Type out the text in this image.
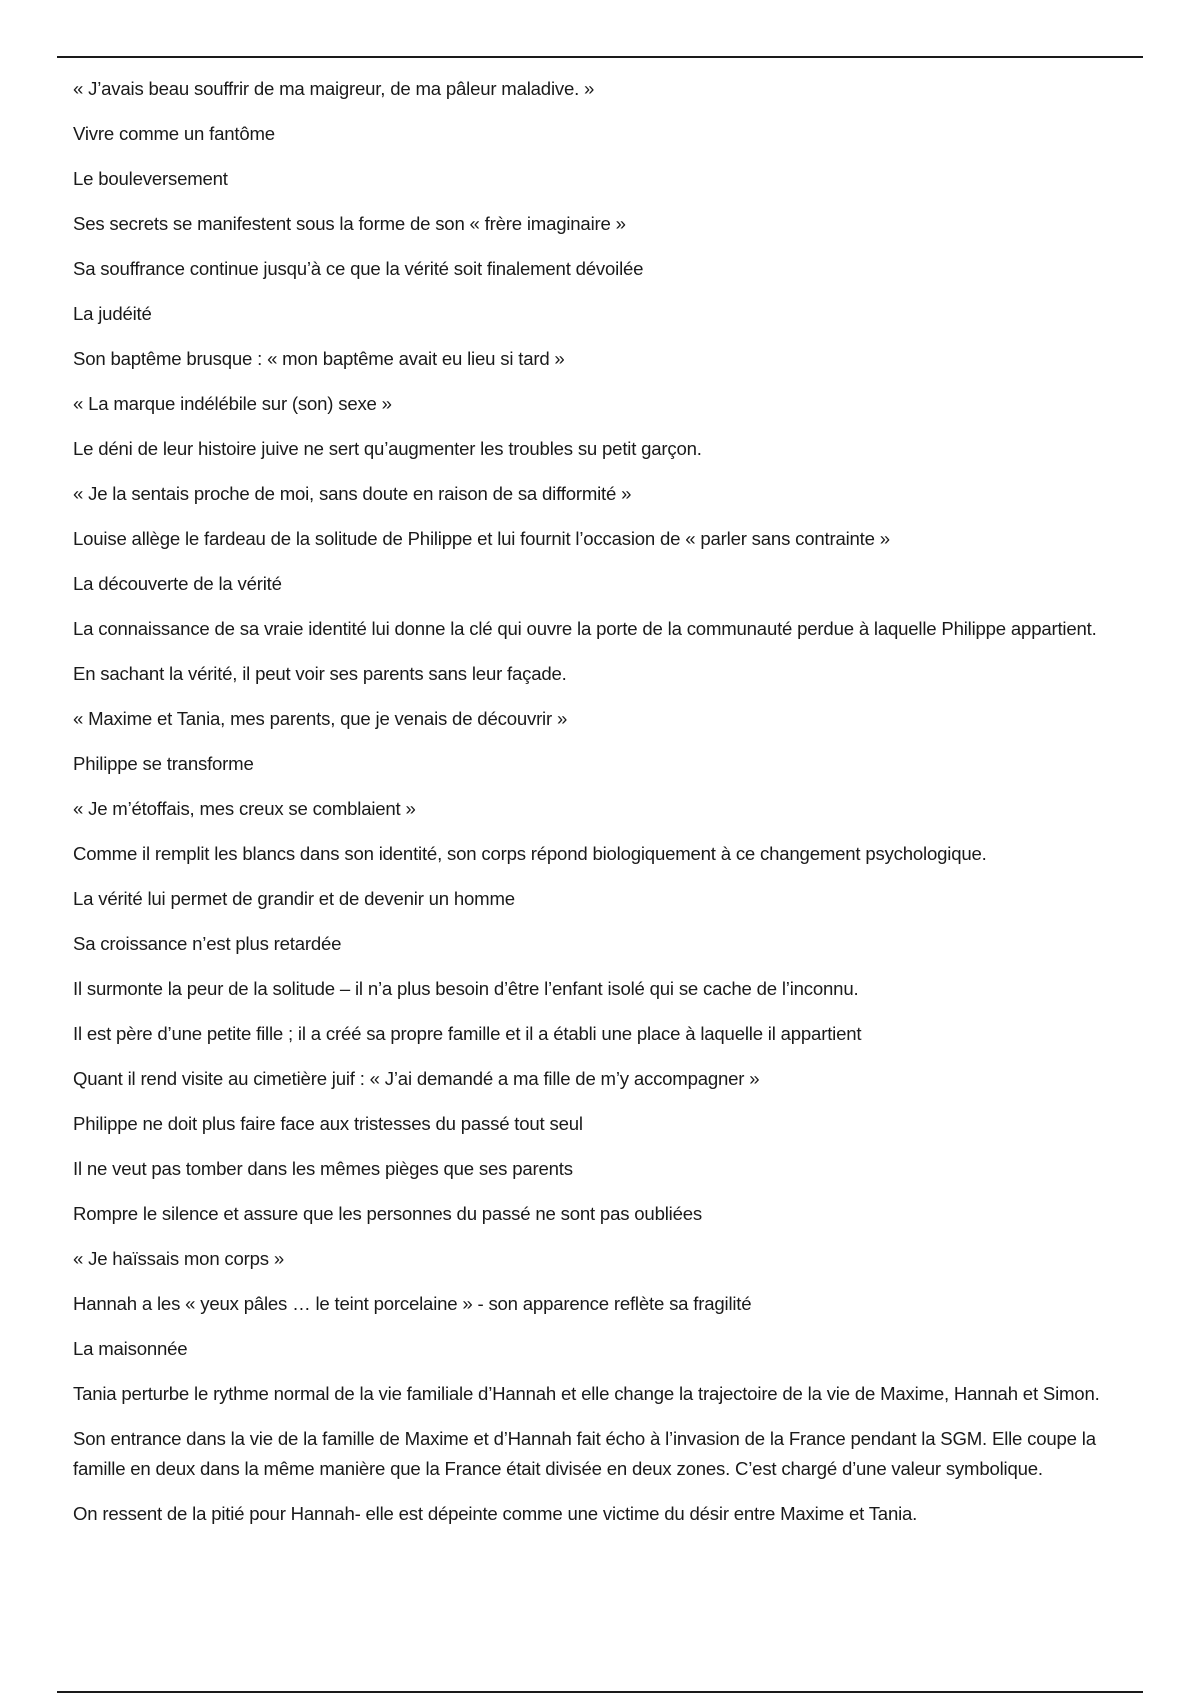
« J’avais beau souffrir de ma maigreur, de ma pâleur maladive. »

Vivre comme un fantôme

Le bouleversement

Ses secrets se manifestent sous la forme de son « frère imaginaire »

Sa souffrance continue jusqu’à ce que la vérité soit finalement dévoilée

La judéité

Son baptême brusque : « mon baptême avait eu lieu si tard »

« La marque indélébile sur (son) sexe »

Le déni de leur histoire juive ne sert qu’augmenter les troubles su petit garçon.

« Je la sentais proche de moi, sans doute en raison de sa difformité »

Louise allège le fardeau de la solitude de Philippe et lui fournit l’occasion de « parler sans contrainte »

La découverte de la vérité

La connaissance de sa vraie identité lui donne la clé qui ouvre la porte de la communauté perdue à laquelle Philippe appartient.

En sachant la vérité, il peut voir ses parents sans leur façade.

« Maxime et Tania, mes parents, que je venais de découvrir »

Philippe se transforme

« Je m’étoffais, mes creux se comblaient »

Comme il remplit les blancs dans son identité, son corps répond biologiquement à ce changement psychologique.

La vérité lui permet de grandir et de devenir un homme

Sa croissance n’est plus retardée

Il surmonte la peur de la solitude – il n’a plus besoin d’être l’enfant isolé qui se cache de l’inconnu.

Il est père d’une petite fille ; il a créé sa propre famille et il a établi une place à laquelle il appartient

Quant il rend visite au cimetière juif : « J’ai demandé a ma fille de m’y accompagner »

Philippe ne doit plus faire face aux tristesses du passé tout seul

Il ne veut pas tomber dans les mêmes pièges que ses parents

Rompre le silence et assure que les personnes du passé ne sont pas oubliées

« Je haïssais mon corps »

Hannah a les « yeux pâles … le teint porcelaine » - son apparence reflète sa fragilité

La maisonnée

Tania perturbe le rythme normal de la vie familiale d’Hannah et elle change la trajectoire de la vie de Maxime, Hannah et Simon.

Son entrance dans la vie de la famille de Maxime et d’Hannah fait écho à l’invasion de la France pendant la SGM. Elle coupe la famille en deux dans la même manière que la France était divisée en deux zones. C’est chargé d’une valeur symbolique.

On ressent de la pitié pour Hannah- elle est dépeinte comme une victime du désir entre Maxime et Tania.
